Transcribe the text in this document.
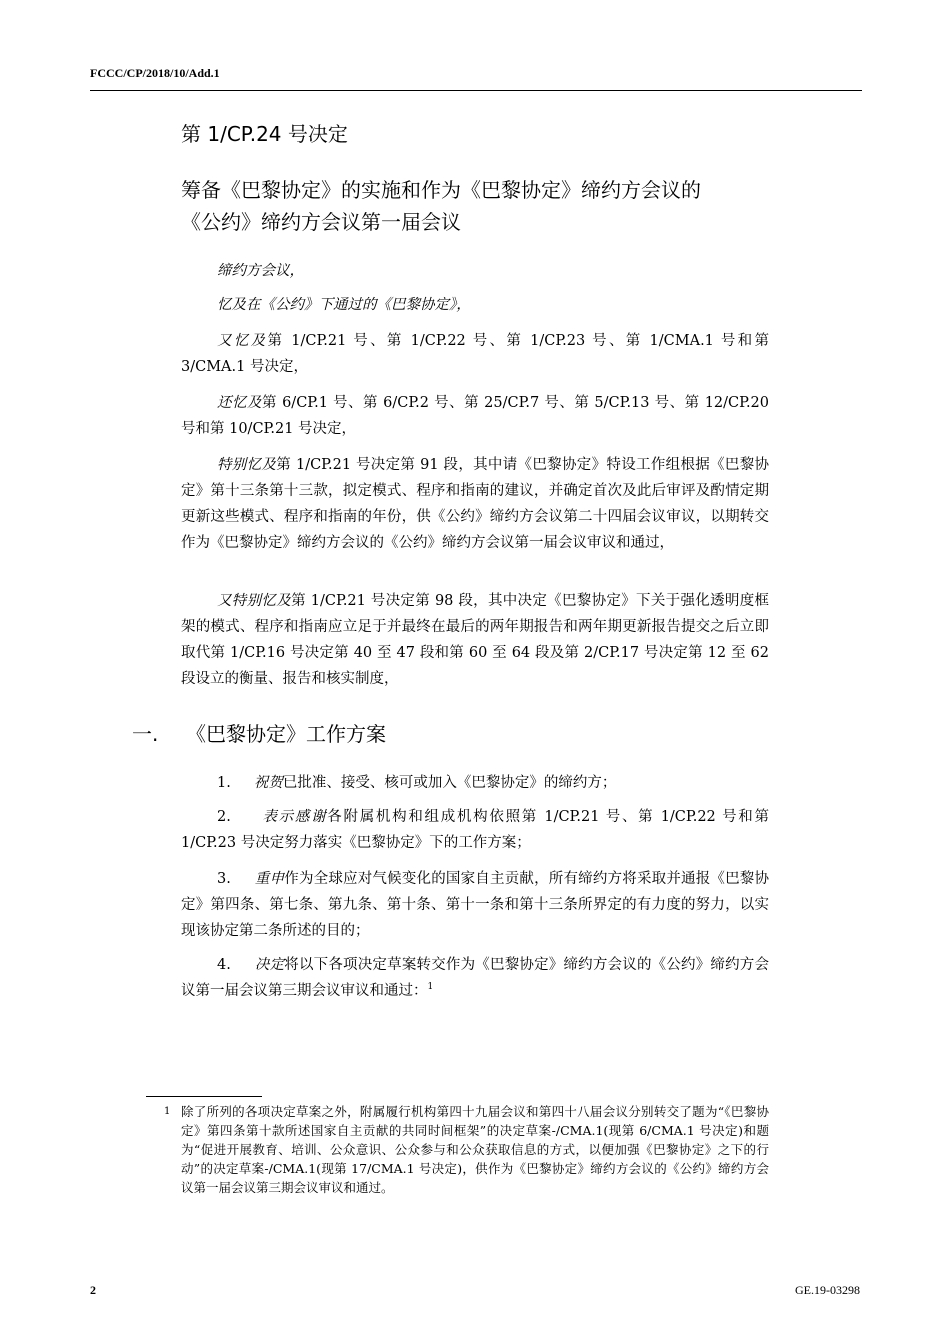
FCCC/CP/2018/10/Add.1
第 1/CP.24 号决定
筹备《巴黎协定》的实施和作为《巴黎协定》缔约方会议的
《公约》缔约方会议第一届会议
缔约方会议，
忆及在《公约》下通过的《巴黎协定》，
又忆及第 1/CP.21 号、第 1/CP.22 号、第 1/CP.23 号、第 1/CMA.1 号和第 3/CMA.1 号决定，
还忆及第 6/CP.1 号、第 6/CP.2 号、第 25/CP.7 号、第 5/CP.13 号、第 12/CP.20 号和第 10/CP.21 号决定，
特别忆及第 1/CP.21 号决定第 91 段，其中请《巴黎协定》特设工作组根据《巴黎协定》第十三条第十三款，拟定模式、程序和指南的建议，并确定首次及此后审评及酌情定期更新这些模式、程序和指南的年份，供《公约》缔约方会议第二十四届会议审议，以期转交作为《巴黎协定》缔约方会议的《公约》缔约方会议第一届会议审议和通过，
又特别忆及第 1/CP.21 号决定第 98 段，其中决定《巴黎协定》下关于强化透明度框架的模式、程序和指南应立足于并最终在最后的两年期报告和两年期更新报告提交之后立即取代第 1/CP.16 号决定第 40 至 47 段和第 60 至 64 段及第 2/CP.17 号决定第 12 至 62 段设立的衡量、报告和核实制度，
一. 《巴黎协定》工作方案
1. 祝贺已批准、接受、核可或加入《巴黎协定》的缔约方；
2. 表示感谢各附属机构和组成机构依照第 1/CP.21 号、第 1/CP.22 号和第 1/CP.23 号决定努力落实《巴黎协定》下的工作方案；
3. 重申作为全球应对气候变化的国家自主贡献，所有缔约方将采取并通报《巴黎协定》第四条、第七条、第九条、第十条、第十一条和第十三条所界定的有力度的努力，以实现该协定第二条所述的目的；
4. 决定将以下各项决定草案转交作为《巴黎协定》缔约方会议的《公约》缔约方会议第一届会议第三期会议审议和通过：$^1$
1 除了所列的各项决定草案之外，附属履行机构第四十九届会议和第四十八届会议分别转交了题为“《巴黎协定》第四条第十款所述国家自主贡献的共同时间框架”的决定草案-/CMA.1(现第 6/CMA.1 号决定)和题为“促进开展教育、培训、公众意识、公众参与和公众获取信息的方式，以便加强《巴黎协定》之下的行动”的决定草案-/CMA.1(现第 17/CMA.1 号决定)，供作为《巴黎协定》缔约方会议的《公约》缔约方会议第一届会议第三期会议审议和通过。
2	GE.19-03298
